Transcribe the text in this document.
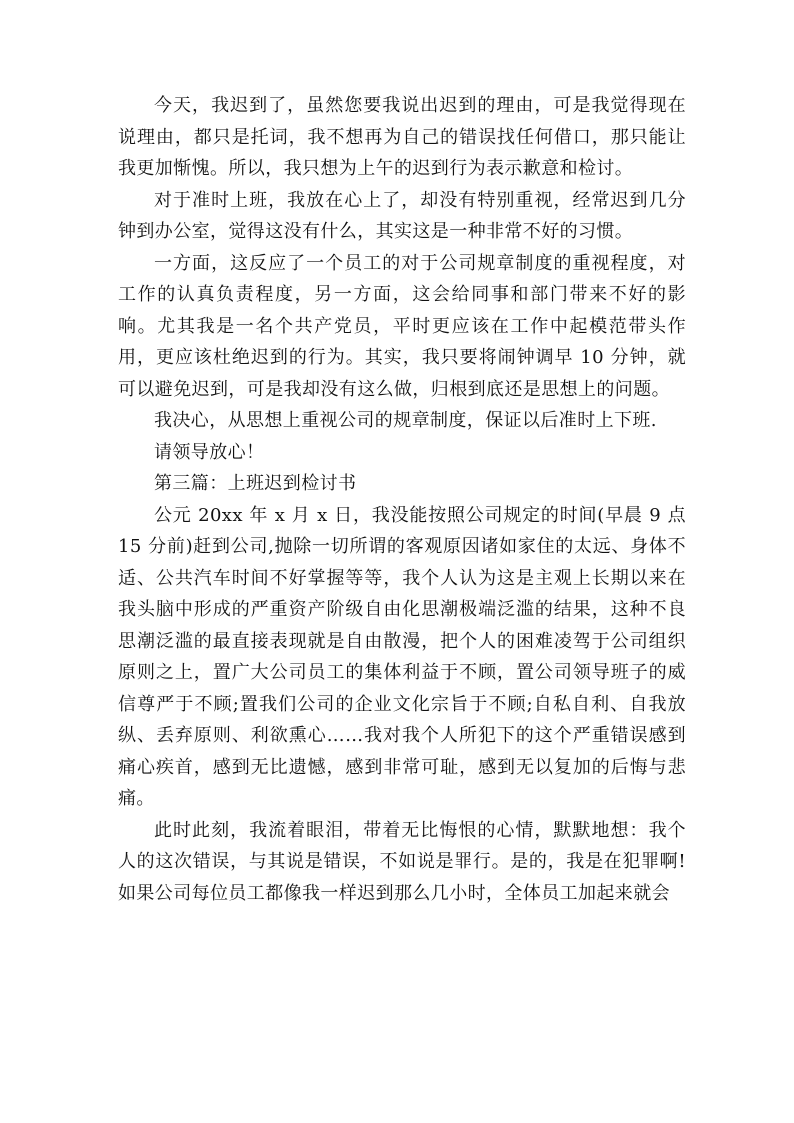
今天，我迟到了，虽然您要我说出迟到的理由，可是我觉得现在说理由，都只是托词，我不想再为自己的错误找任何借口，那只能让我更加惭愧。所以，我只想为上午的迟到行为表示歉意和检讨。

对于准时上班，我放在心上了，却没有特别重视，经常迟到几分钟到办公室，觉得这没有什么，其实这是一种非常不好的习惯。

一方面，这反应了一个员工的对于公司规章制度的重视程度，对工作的认真负责程度，另一方面，这会给同事和部门带来不好的影响。尤其我是一名个共产党员，平时更应该在工作中起模范带头作用，更应该杜绝迟到的行为。其实，我只要将闹钟调早 10 分钟，就可以避免迟到，可是我却没有这么做，归根到底还是思想上的问题。

我决心，从思想上重视公司的规章制度，保证以后准时上下班.

请领导放心！

第三篇：上班迟到检讨书

公元 20xx 年 x 月 x 日，我没能按照公司规定的时间(早晨 9 点 15 分前)赶到公司,抛除一切所谓的客观原因诸如家住的太远、身体不适、公共汽车时间不好掌握等等，我个人认为这是主观上长期以来在我头脑中形成的严重资产阶级自由化思潮极端泛滥的结果，这种不良思潮泛滥的最直接表现就是自由散漫，把个人的困难凌驾于公司组织原则之上，置广大公司员工的集体利益于不顾，置公司领导班子的威信尊严于不顾;置我们公司的企业文化宗旨于不顾;自私自利、自我放纵、丢弃原则、利欲熏心……我对我个人所犯下的这个严重错误感到痛心疾首，感到无比遗憾，感到非常可耻，感到无以复加的后悔与悲痛。

此时此刻，我流着眼泪，带着无比悔恨的心情，默默地想：我个人的这次错误，与其说是错误，不如说是罪行。是的，我是在犯罪啊!如果公司每位员工都像我一样迟到那么几小时，全体员工加起来就会
